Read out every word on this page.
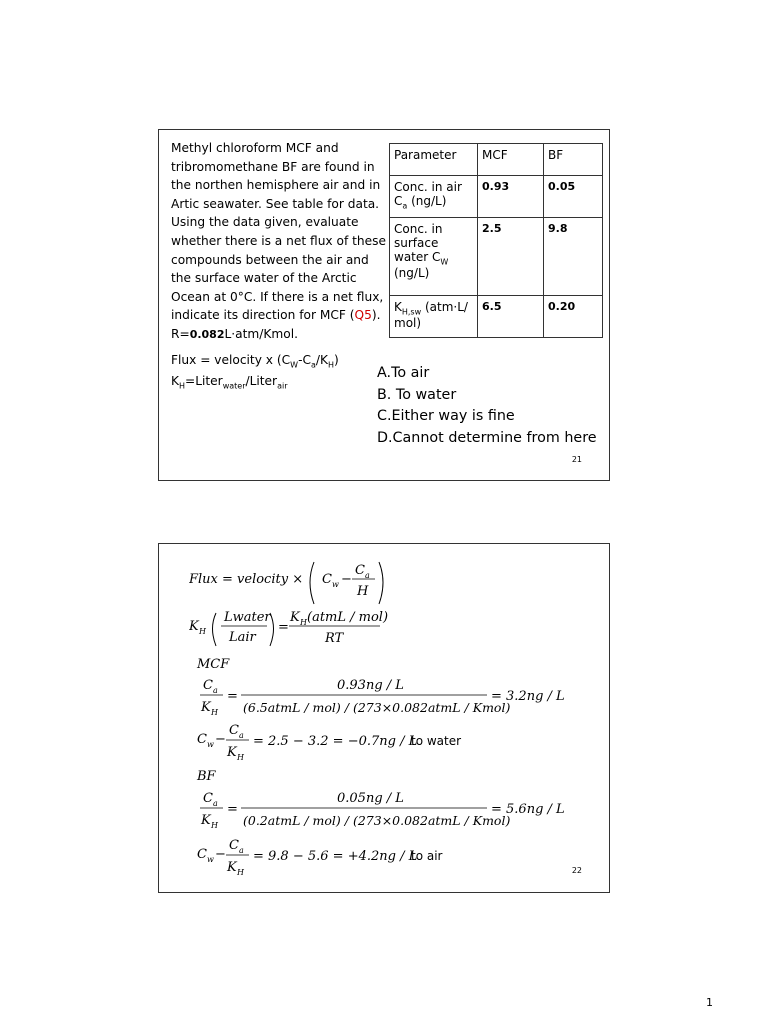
Methyl chloroform MCF and tribromomethane BF are found in the northen hemisphere air and in Artic seawater. See table for data. Using the data given, evaluate whether there is a net flux of these compounds between the air and the surface water of the Arctic Ocean at 0°C. If there is a net flux, indicate its direction for MCF (Q5). R=0.082L·atm/Kmol.
Parameter	MCF	BF
Conc. in air $C_a$ (ng/L)	0.93	0.05
Conc. in surface water $C_W$ (ng/L)	2.5	9.8
$K_{H,sw}$ (atm·L/ mol)	6.5	0.20
Flux = velocity x $(C_W-C_a/K_H)$
$K_H=Liter_{water}/Liter_{air}$
A.To air
B. To water
C.Either way is fine
D.Cannot determine from here
21
Flux = velocity × C w −
C a
H
K H
Lwater
Lair
=
K H (atmL / mol)
RT
MCF
C a
K H
=
0.93ng / L
(6.5atmL / mol) / (273×0.082atmL / Kmol)
= 3.2ng / L
C w −
C a
K H
= 2.5 − 3.2 = −0.7ng / L
to water
BF
C a
K H
=
0.05ng / L
(0.2atmL / mol) / (273×0.082atmL / Kmol)
= 5.6ng / L
C w −
C a
K H
= 9.8 − 5.6 = +4.2ng / L
to air
22
1
